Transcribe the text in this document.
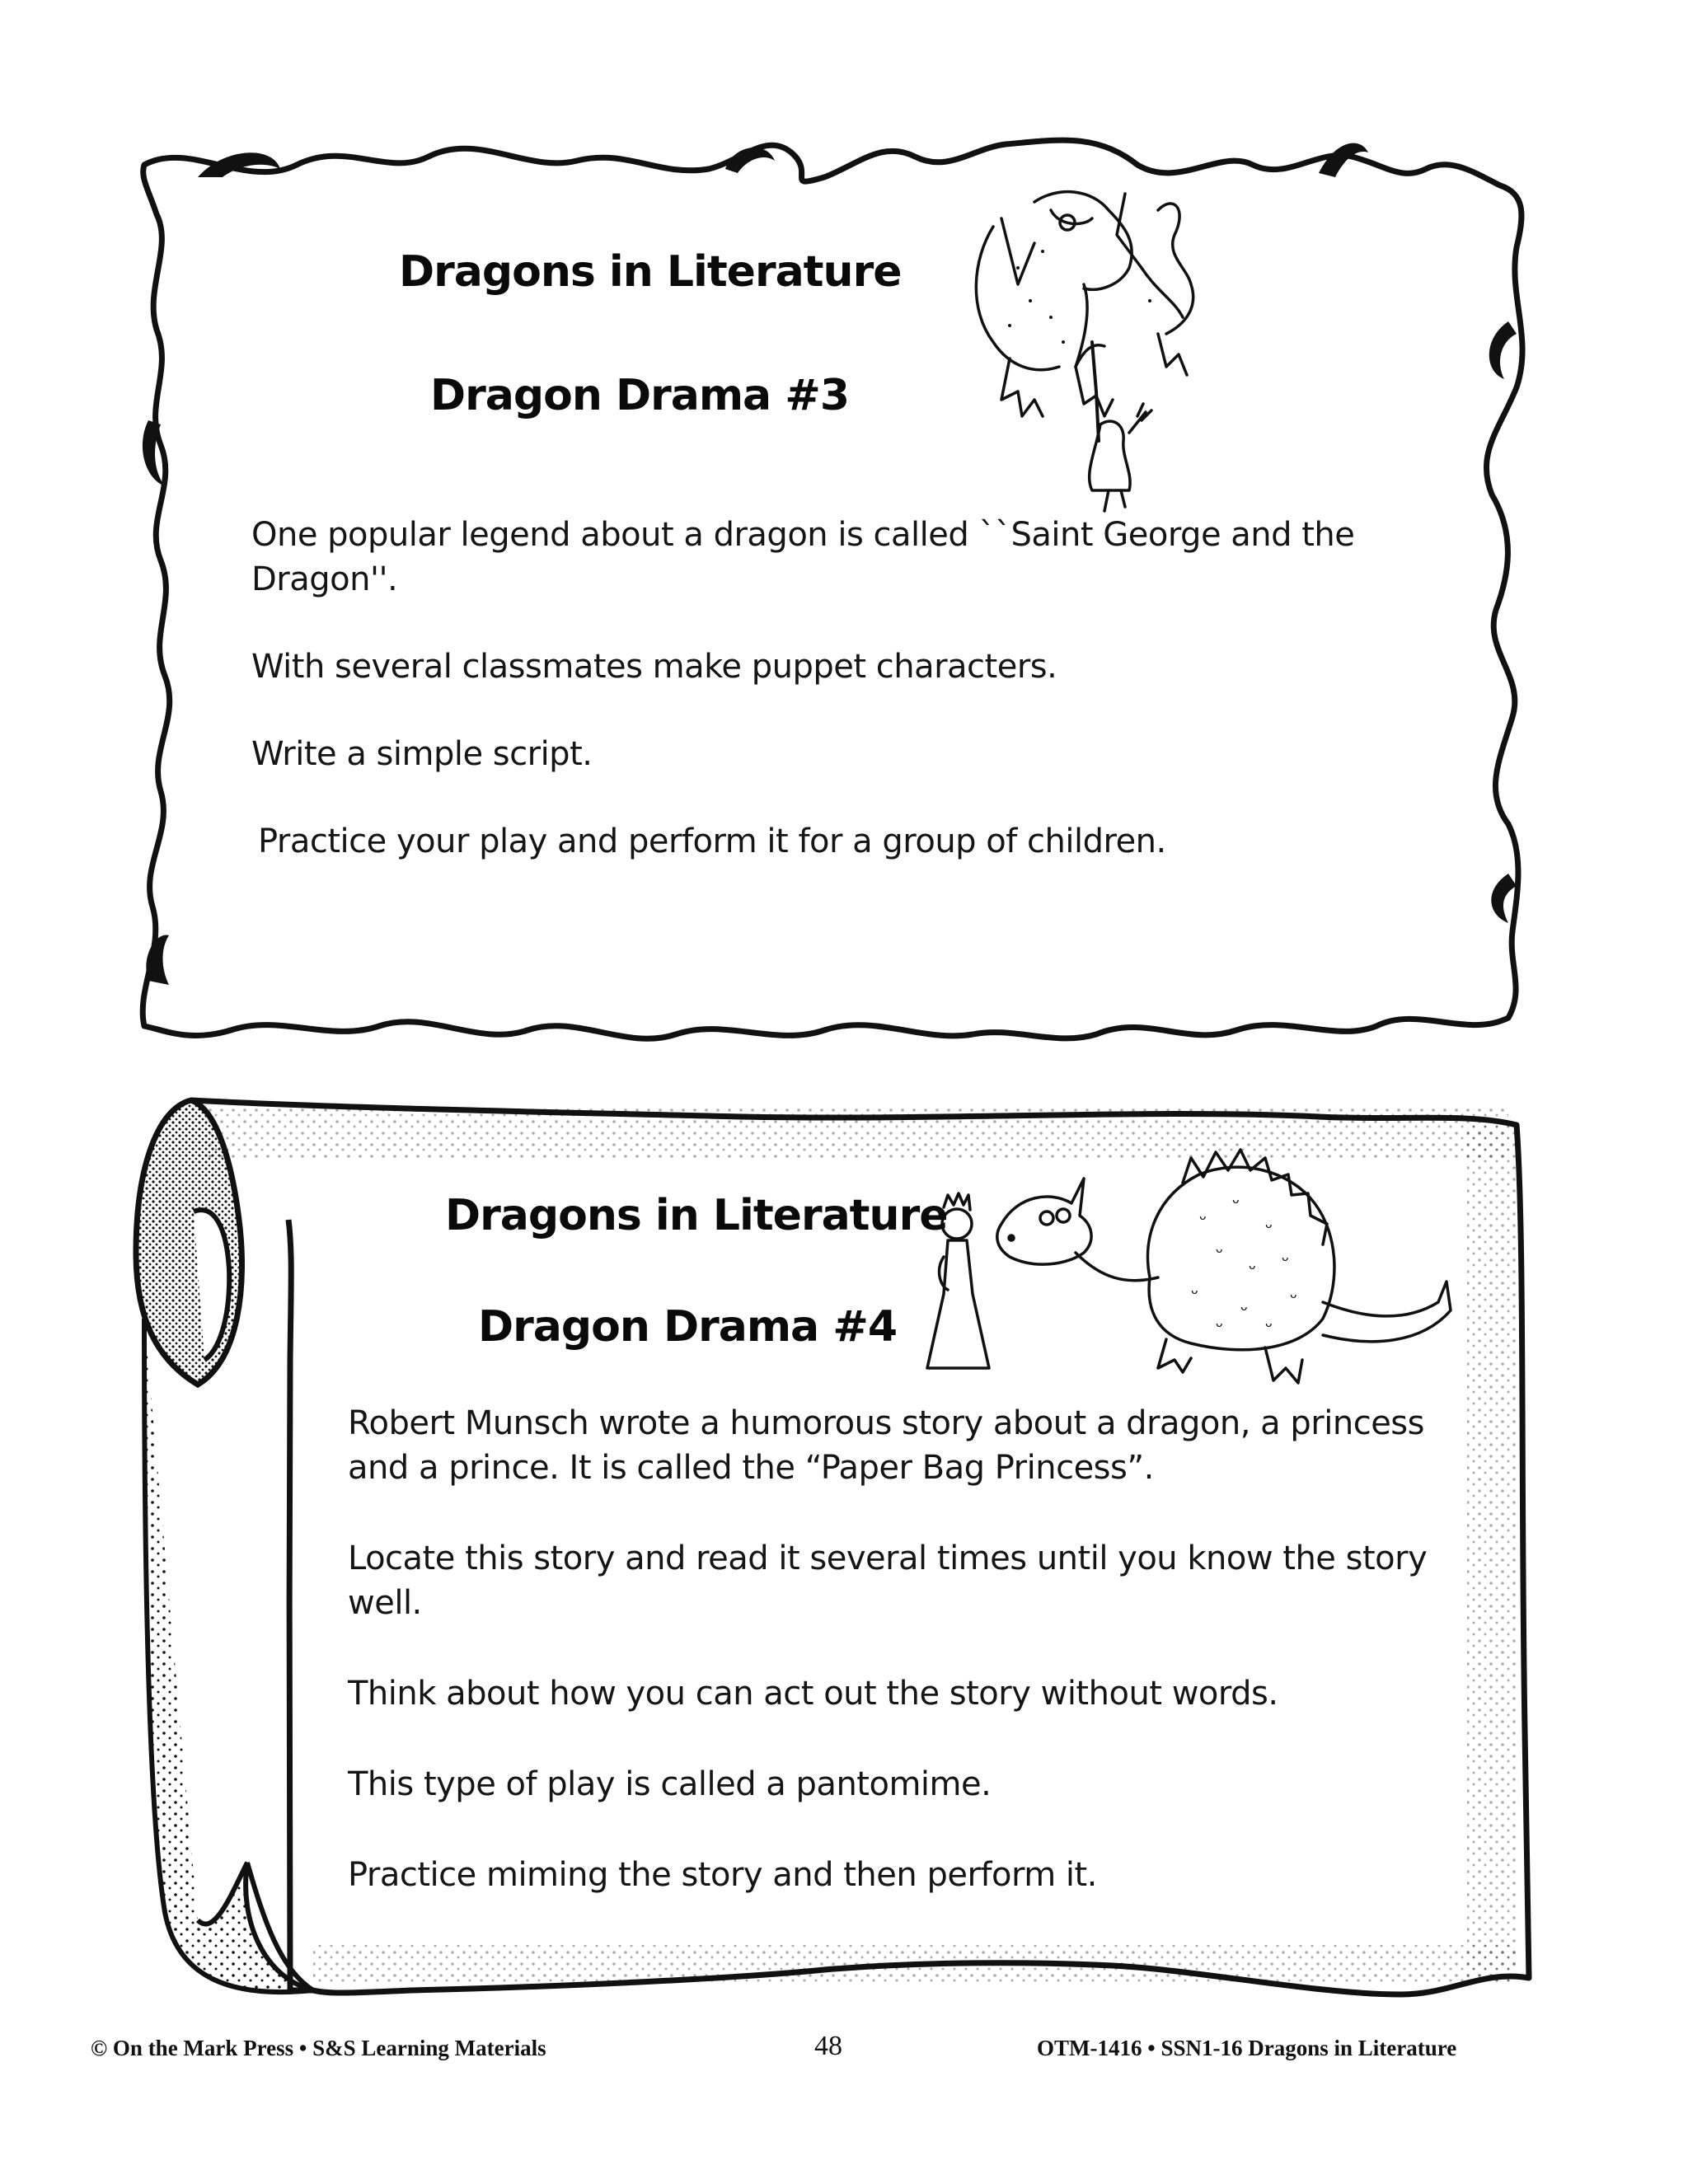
Dragons in Literature
Dragon Drama #3
One popular legend about a dragon is called ``Saint George and the Dragon''.
With several classmates make puppet characters.
Write a simple script.
Practice your play and perform it for a group of children.
ᴗ
ᴗ
ᴗ
ᴗ
ᴗ
ᴗ
ᴗ
ᴗ
ᴗ
ᴗ
ᴗ
Dragons in Literature
Dragon Drama #4
Robert Munsch wrote a humorous story about a dragon, a princess and a prince. It is called the “Paper Bag Princess”.
Locate this story and read it several times until you know the story well.
Think about how you can act out the story without words.
This type of play is called a pantomime.
Practice miming the story and then perform it.
© On the Mark Press • S&S Learning Materials	48	OTM-1416 • SSN1-16 Dragons in Literature
